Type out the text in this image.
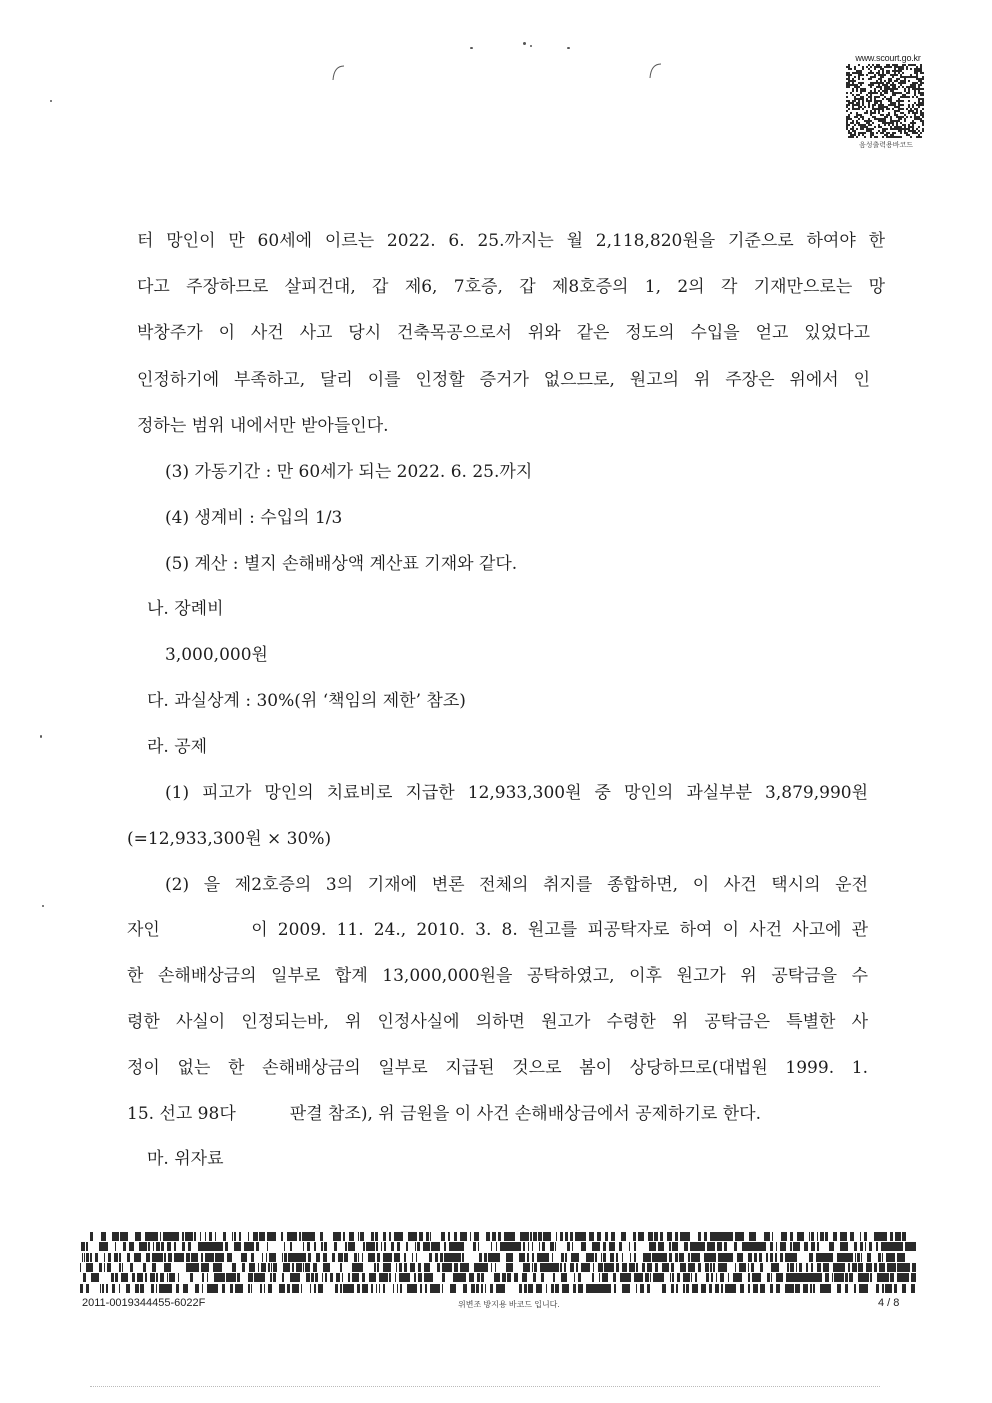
www.scourt.go.kr
음성출력용바코드
터 망인이 만 60세에 이르는 2022. 6. 25.까지는 월 2,118,820원을 기준으로 하여야 한
다고 주장하므로 살피건대, 갑 제6, 7호증, 갑 제8호증의 1, 2의 각 기재만으로는 망
박창주가 이 사건 사고 당시 건축목공으로서 위와 같은 정도의 수입을 얻고 있었다고
인정하기에 부족하고, 달리 이를 인정할 증거가 없으므로, 원고의 위 주장은 위에서 인
정하는 범위 내에서만 받아들인다.
(3) 가동기간 : 만 60세가 되는 2022. 6. 25.까지
(4) 생계비 : 수입의 1/3
(5) 계산 : 별지 손해배상액 계산표 기재와 같다.
나. 장례비
3,000,000원
다. 과실상계 : 30%(위 ‘책임의 제한’ 참조)
라. 공제
(1) 피고가 망인의 치료비로 지급한 12,933,300원 중 망인의 과실부분 3,879,990원
(=12,933,300원 × 30%)
(2) 을 제2호증의 3의 기재에 변론 전체의 취지를 종합하면, 이 사건 택시의 운전
자인         이 2009. 11. 24., 2010. 3. 8. 원고를 피공탁자로 하여 이 사건 사고에 관
한 손해배상금의 일부로 합계 13,000,000원을 공탁하였고, 이후 원고가 위 공탁금을 수
령한 사실이 인정되는바, 위 인정사실에 의하면 원고가 수령한 위 공탁금은 특별한 사
정이 없는 한 손해배상금의 일부로 지급된 것으로 봄이 상당하므로(대법원 1999. 1.
15. 선고 98다          판결 참조), 위 금원을 이 사건 손해배상금에서 공제하기로 한다.
마. 위자료
2011-0019344455-6022F	위변조 방지용 바코드 입니다.	4 / 8
